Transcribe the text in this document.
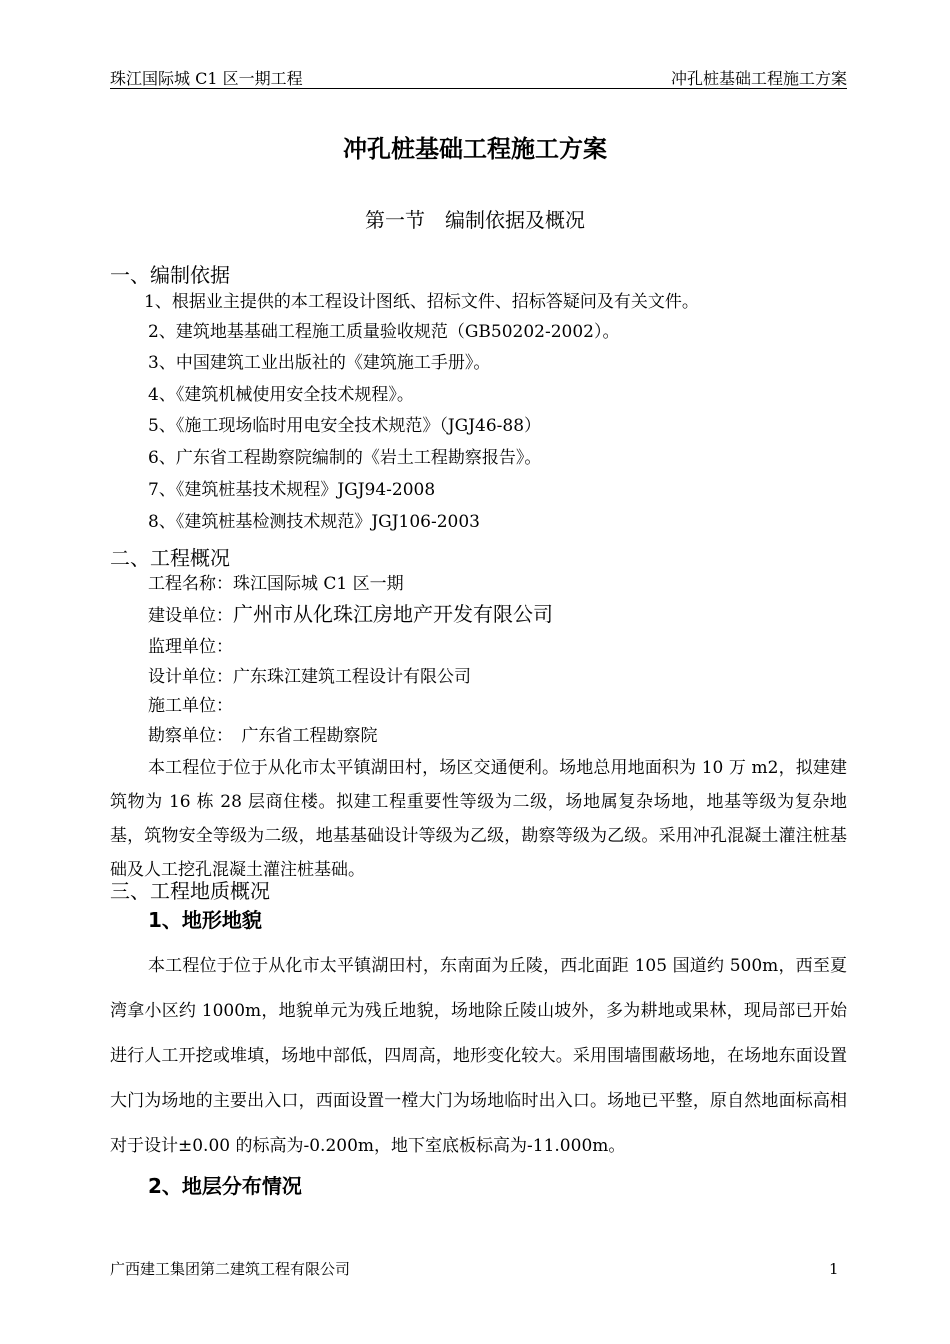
珠江国际城 C1 区一期工程	冲孔桩基础工程施工方案
冲孔桩基础工程施工方案
第一节　编制依据及概况
一、编制依据
1、根据业主提供的本工程设计图纸、招标文件、招标答疑问及有关文件。
2、建筑地基基础工程施工质量验收规范（GB50202-2002）。
3、中国建筑工业出版社的《建筑施工手册》。
4、《建筑机械使用安全技术规程》。
5、《施工现场临时用电安全技术规范》（JGJ46-88）
6、广东省工程勘察院编制的《岩土工程勘察报告》。
7、《建筑桩基技术规程》JGJ94-2008
8、《建筑桩基检测技术规范》JGJ106-2003
二、工程概况
工程名称：珠江国际城 C1 区一期
建设单位：广州市从化珠江房地产开发有限公司
监理单位：
设计单位：广东珠江建筑工程设计有限公司
施工单位：
勘察单位：　广东省工程勘察院

本工程位于位于从化市太平镇湖田村，场区交通便利。场地总用地面积为 10 万 m2，拟建建筑物为 16 栋 28 层商住楼。拟建工程重要性等级为二级，场地属复杂场地，地基等级为复杂地基，筑物安全等级为二级，地基基础设计等级为乙级，勘察等级为乙级。采用冲孔混凝土灌注桩基础及人工挖孔混凝土灌注桩基础。

三、工程地质概况
1、地形地貌

本工程位于位于从化市太平镇湖田村，东南面为丘陵，西北面距 105 国道约 500m，西至夏湾拿小区约 1000m，地貌单元为残丘地貌，场地除丘陵山坡外，多为耕地或果林，现局部已开始进行人工开挖或堆填，场地中部低，四周高，地形变化较大。采用围墙围蔽场地，在场地东面设置大门为场地的主要出入口，西面设置一樘大门为场地临时出入口。场地已平整，原自然地面标高相对于设计±0.00 的标高为-0.200m，地下室底板标高为-11.000m。

2、地层分布情况
广西建工集团第二建筑工程有限公司	1
